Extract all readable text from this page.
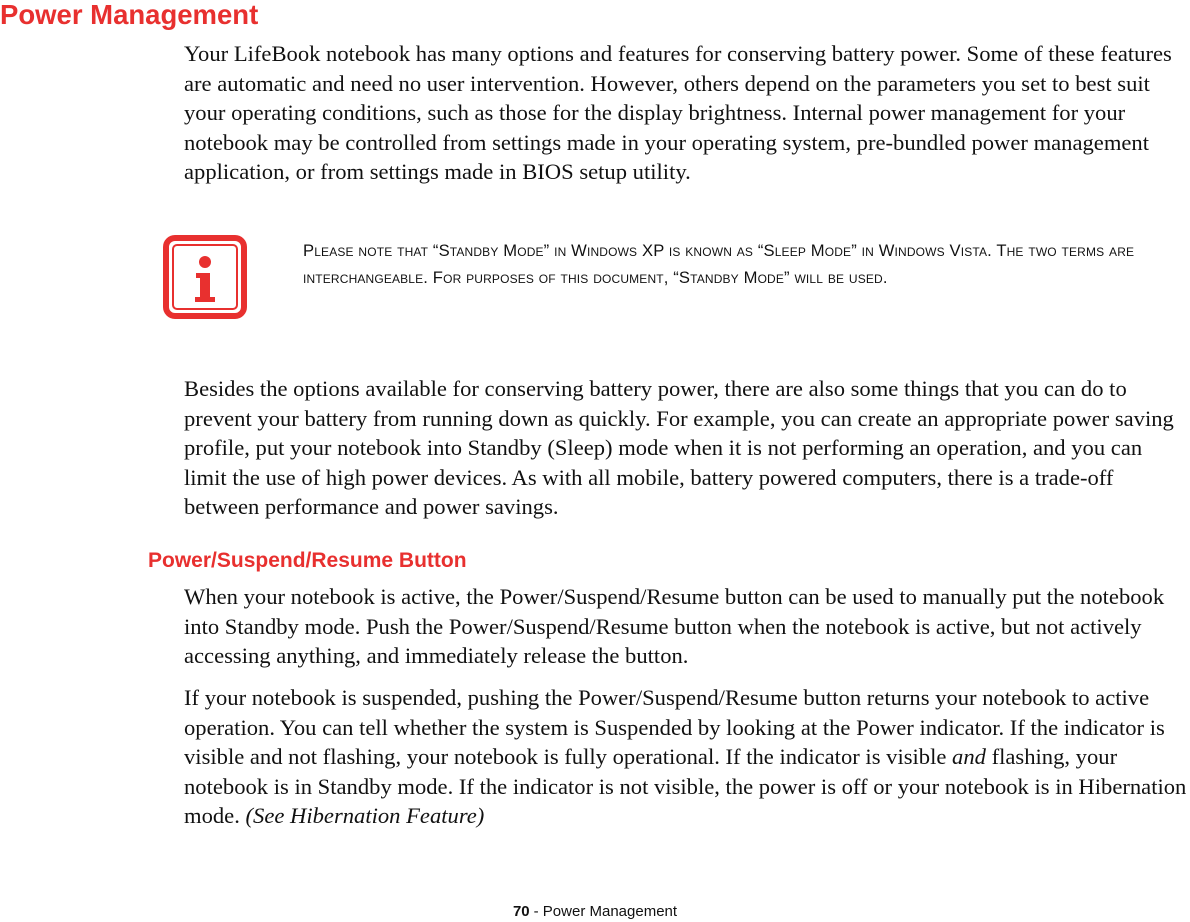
Power Management

Your LifeBook notebook has many options and features for conserving battery power. Some of these features are automatic and need no user intervention. However, others depend on the parameters you set to best suit your operating conditions, such as those for the display brightness. Internal power management for your notebook may be controlled from settings made in your operating system, pre-bundled power management application, or from settings made in BIOS setup utility.

Please note that “Standby Mode” in Windows XP is known as “Sleep Mode” in Windows Vista. The two terms are interchangeable. For purposes of this document, “Standby Mode” will be used.

Besides the options available for conserving battery power, there are also some things that you can do to prevent your battery from running down as quickly. For example, you can create an appropriate power saving profile, put your notebook into Standby (Sleep) mode when it is not performing an operation, and you can limit the use of high power devices. As with all mobile, battery powered computers, there is a trade-off between performance and power savings.

Power/Suspend/Resume Button

When your notebook is active, the Power/Suspend/Resume button can be used to manually put the notebook into Standby mode. Push the Power/Suspend/Resume button when the notebook is active, but not actively accessing anything, and immediately release the button.

If your notebook is suspended, pushing the Power/Suspend/Resume button returns your notebook to active operation. You can tell whether the system is Suspended by looking at the Power indicator. If the indicator is visible and not flashing, your notebook is fully operational. If the indicator is visible and flashing, your notebook is in Standby mode. If the indicator is not visible, the power is off or your notebook is in Hibernation mode. (See Hibernation Feature)

70 - Power Management
